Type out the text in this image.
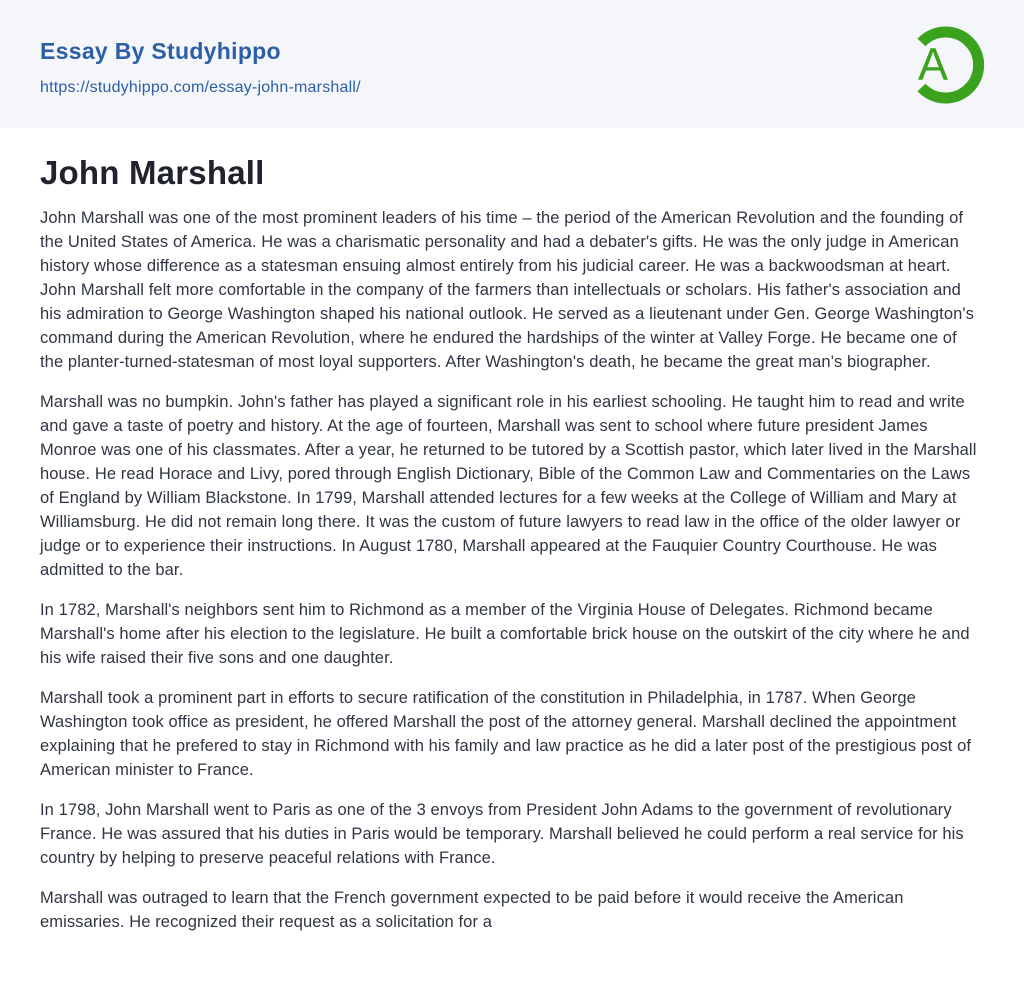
Essay By Studyhippo
https://studyhippo.com/essay-john-marshall/	A
John Marshall

John Marshall was one of the most prominent leaders of his time – the period of the American Revolution and the founding of the United States of America. He was a charismatic personality and had a debater's gifts. He was the only judge in American history whose difference as a statesman ensuing almost entirely from his judicial career. He was a backwoodsman at heart. John Marshall felt more comfortable in the company of the farmers than intellectuals or scholars. His father's association and his admiration to George Washington shaped his national outlook. He served as a lieutenant under Gen. George Washington's command during the American Revolution, where he endured the hardships of the winter at Valley Forge. He became one of the planter-turned-statesman of most loyal supporters. After Washington's death, he became the great man's biographer.

Marshall was no bumpkin. John's father has played a significant role in his earliest schooling. He taught him to read and write and gave a taste of poetry and history. At the age of fourteen, Marshall was sent to school where future president James Monroe was one of his classmates. After a year, he returned to be tutored by a Scottish pastor, which later lived in the Marshall house. He read Horace and Livy, pored through English Dictionary, Bible of the Common Law and Commentaries on the Laws of England by William Blackstone. In 1799, Marshall attended lectures for a few weeks at the College of William and Mary at Williamsburg. He did not remain long there. It was the custom of future lawyers to read law in the office of the older lawyer or judge or to experience their instructions. In August 1780, Marshall appeared at the Fauquier Country Courthouse. He was admitted to the bar.

In 1782, Marshall's neighbors sent him to Richmond as a member of the Virginia House of Delegates. Richmond became Marshall's home after his election to the legislature. He built a comfortable brick house on the outskirt of the city where he and his wife raised their five sons and one daughter.

Marshall took a prominent part in efforts to secure ratification of the constitution in Philadelphia, in 1787. When George Washington took office as president, he offered Marshall the post of the attorney general. Marshall declined the appointment explaining that he prefered to stay in Richmond with his family and law practice as he did a later post of the prestigious post of American minister to France.

In 1798, John Marshall went to Paris as one of the 3 envoys from President John Adams to the government of revolutionary France. He was assured that his duties in Paris would be temporary. Marshall believed he could perform a real service for his country by helping to preserve peaceful relations with France.

Marshall was outraged to learn that the French government expected to be paid before it would receive the American emissaries. He recognized their request as a solicitation for a
